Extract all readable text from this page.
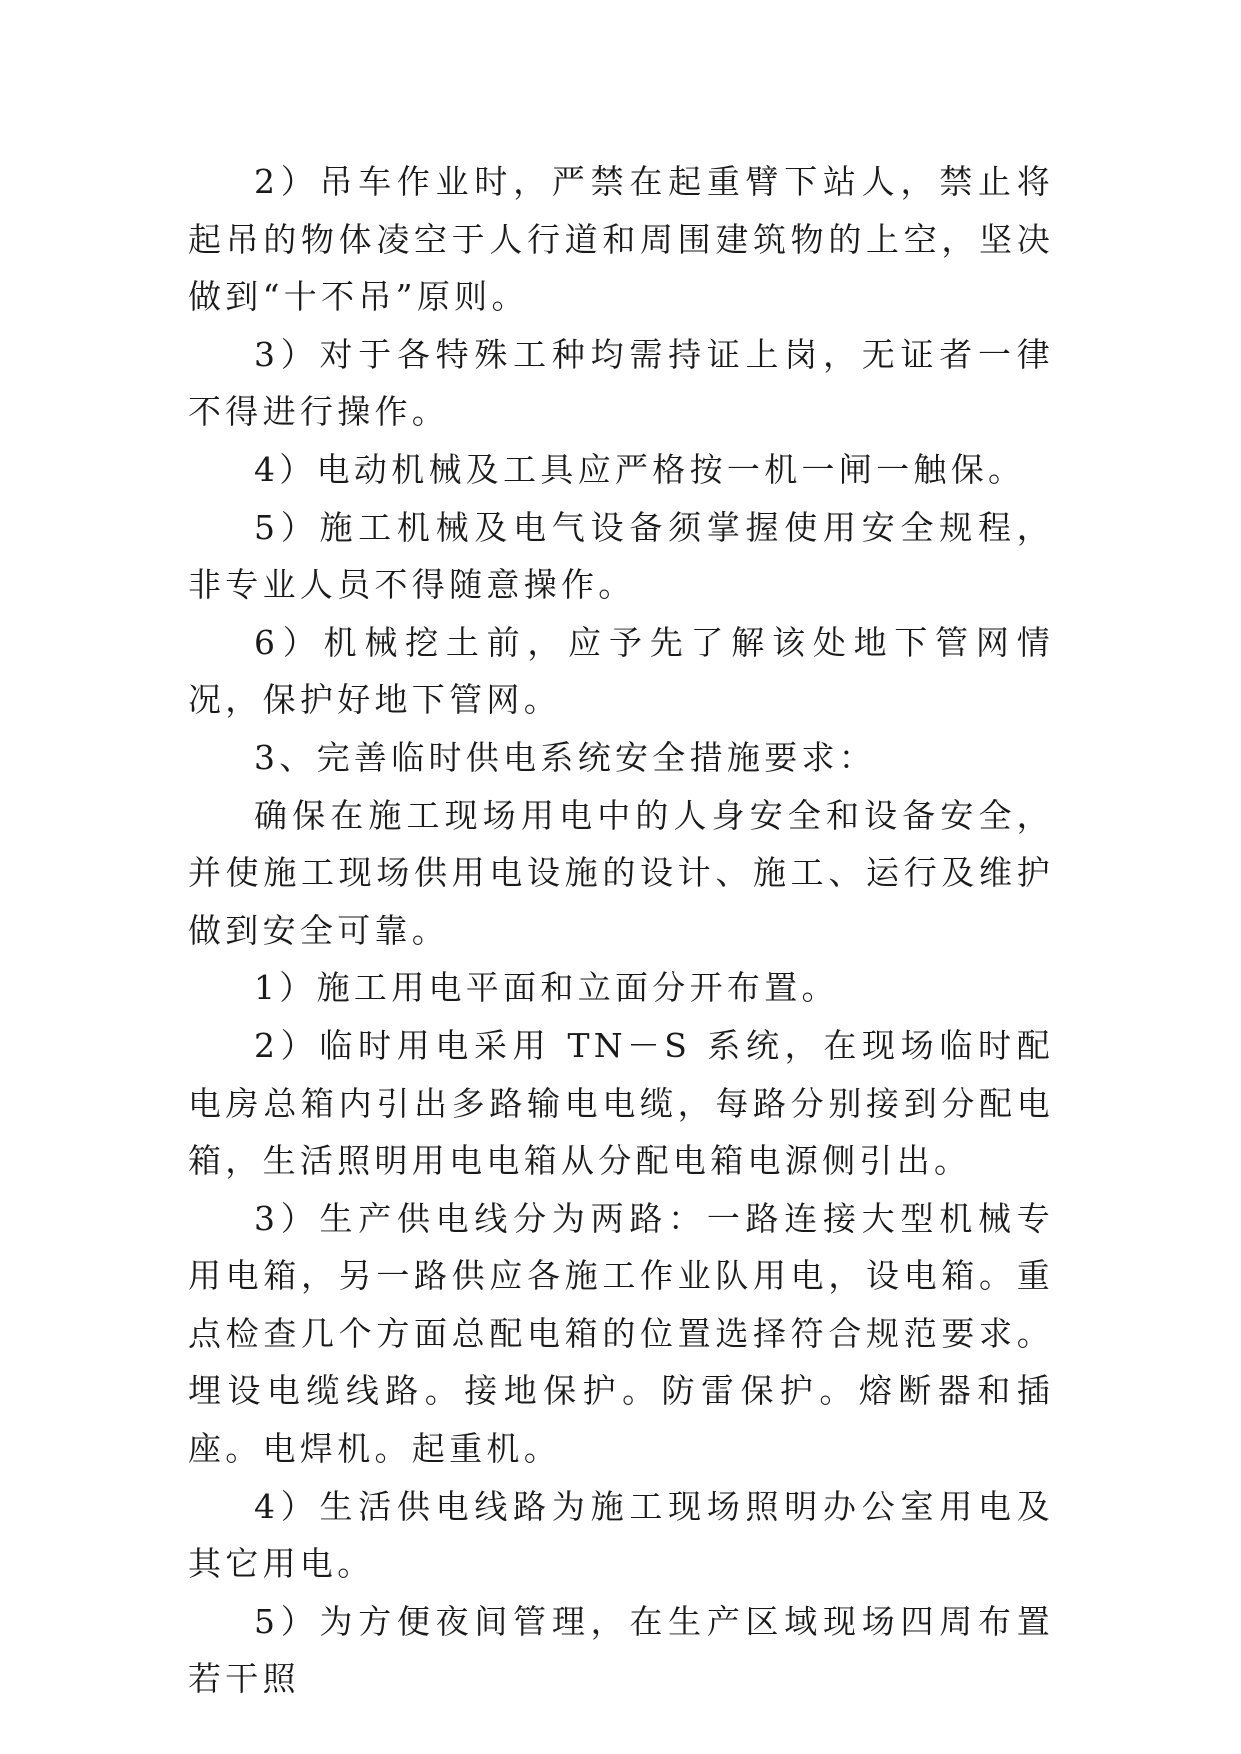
2）吊车作业时，严禁在起重臂下站人，禁止将起吊的物体凌空于人行道和周围建筑物的上空，坚决做到“十不吊”原则。

3）对于各特殊工种均需持证上岗，无证者一律不得进行操作。

4）电动机械及工具应严格按一机一闸一触保。

5）施工机械及电气设备须掌握使用安全规程，非专业人员不得随意操作。

6）机械挖土前，应予先了解该处地下管网情况，保护好地下管网。

3、完善临时供电系统安全措施要求：

确保在施工现场用电中的人身安全和设备安全，并使施工现场供用电设施的设计、施工、运行及维护做到安全可靠。

1）施工用电平面和立面分开布置。

2）临时用电采用 TN－S 系统，在现场临时配电房总箱内引出多路输电电缆，每路分别接到分配电箱，生活照明用电电箱从分配电箱电源侧引出。

3）生产供电线分为两路：一路连接大型机械专用电箱，另一路供应各施工作业队用电，设电箱。重点检查几个方面总配电箱的位置选择符合规范要求。埋设电缆线路。接地保护。防雷保护。熔断器和插座。电焊机。起重机。

4）生活供电线路为施工现场照明办公室用电及其它用电。

5）为方便夜间管理，在生产区域现场四周布置若干照
